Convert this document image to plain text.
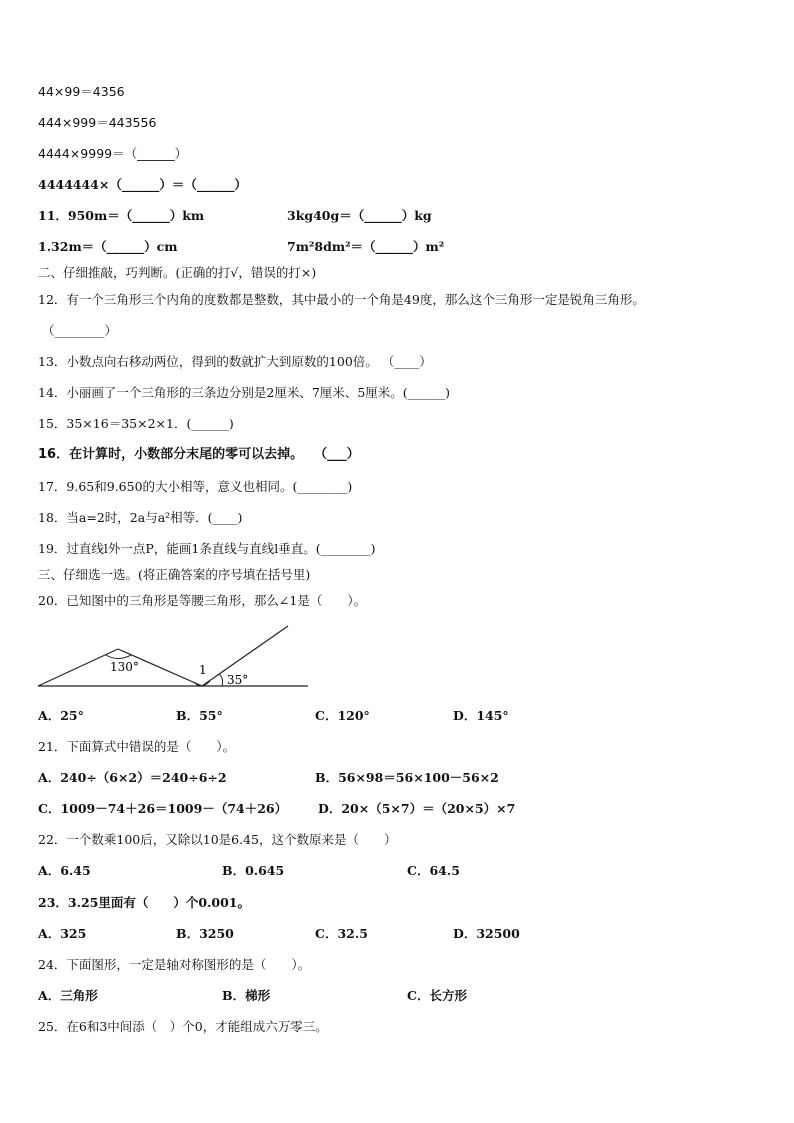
44×99＝4356
444×999＝443556
4444×9999＝（______）
4444444×（______）＝（______）
11．950m＝（______）km	3kg40g＝（______）kg
1.32m＝（______）cm	7m²8dm²＝（______）m²
二、仔细推敲，巧判断。(正确的打√，错误的打×)
12．有一个三角形三个内角的度数都是整数，其中最小的一个角是49度，那么这个三角形一定是锐角三角形。
（________）
13．小数点向右移动两位，得到的数就扩大到原数的100倍。 （____）
14．小丽画了一个三角形的三条边分别是2厘米、7厘米、5厘米。(______)
15．35×16＝35×2×1．(______)
16．在计算时，小数部分末尾的零可以去掉。　 （___）
17．9.65和9.650的大小相等，意义也相同。(________)
18．当a=2时，2a与a²相等．(____)
19．过直线l外一点P，能画1条直线与直线l垂直。(________)
三、仔细选一选。(将正确答案的序号填在括号里)
20．已知图中的三角形是等腰三角形，那么∠1是（　　）。
130°	1
35°
A．25°	B．55°	C．120°	D．145°
21．下面算式中错误的是（　　）。
A．240÷（6×2）＝240÷6÷2	B．56×98＝56×100－56×2
C．1009－74＋26＝1009－（74＋26） D．20×（5×7）＝（20×5）×7
22．一个数乘100后，又除以10是6.45，这个数原来是（　　）
A．6.45	B．0.645	C．64.5
23．3.25里面有（　　）个0.001。
A．325	B．3250	C．32.5	D．32500
24．下面图形，一定是轴对称图形的是（　　）。
A．三角形	B．梯形	C．长方形
25．在6和3中间添（　）个0，才能组成六万零三。
